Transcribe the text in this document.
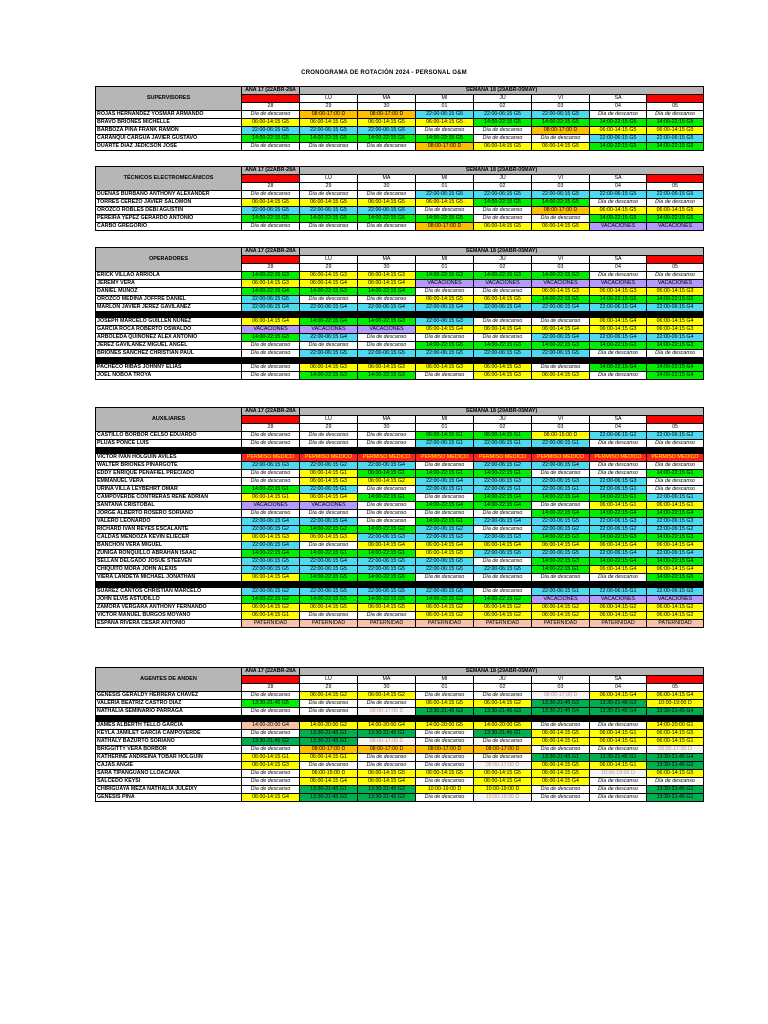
CRONOGRAMA DE ROTACIÓN 2024 - PERSONAL O&M
SUPERVISORES	ANA 17 (22ABR-28A	SEMANA 18 (29ABR-05MAY)						
	DO	LU	MA	MI	JU	VI	SA	DO
	28	29	30	01	02	03	04	05
ROJAS HERNANDEZ YOSMAR ARMANDO	Día de descanso	08:00-17:00 D	08:00-17:00 D	22:00-06:15 G5	22:00-06:15 G5	22:00-06:15 G5	Día de descanso	Día de descanso
BRAVO BRIONES MICHELLE	06:00-14:15 G5	06:00-14:15 G5	06:00-14:15 G5	06:00-14:15 G5	14:00-22:15 G5	14:00-22:15 G5	14:00-22:15 G5	14:00-22:15 G5
BARBOZA PIÑA FRANK RAMON	22:00-06:15 G5	22:00-06:15 G5	22:00-06:15 G5	Día de descanso	Día de descanso	08:00-17:00 D	06:00-14:15 G5	06:00-14:15 G5
CARANQUI CARGUA JAVIER GUSTAVO	14:00-22:15 G5	14:00-22:15 G5	14:00-22:15 G5	14:00-22:15 G5	Día de descanso	Día de descanso	22:00-06:15 G5	22:00-06:15 G5
DUARTE DIAZ JEDICSON JOSE	Día de descanso	Día de descanso	Día de descanso	08:00-17:00 D	06:00-14:15 G5	06:00-14:15 G5	14:00-22:15 G5	14:00-22:15 G5
TÉCNICOS ELECTROMECÁNICOS	ANA 17 (22ABR-28A	SEMANA 18 (29ABR-05MAY)						
	DO	LU	MA	MI	JU	VI	SA	DO
	28	29	30	01	02	03	04	05
DUEÑAS BURBANO ANTHONY ALEXANDER	Día de descanso	Día de descanso	Día de descanso	22:00-06:15 G5	22:00-06:15 G5	22:00-06:15 G5	22:00-06:15 G5	22:00-06:15 G5
TORRES CEREZO JAVIER SALOMON	06:00-14:15 G5	06:00-14:15 G5	06:00-14:15 G5	06:00-14:15 G5	14:00-22:15 G5	14:00-22:15 G5	Día de descanso	Día de descanso
OROZCO ROBLES DEBI AGUSTIN	22:00-06:15 G5	22:00-06:15 G5	22:00-06:15 G5	Día de descanso	Día de descanso	08:00-17:00 D	06:00-14:15 G5	06:00-14:15 G5
PEREIRA YEPEZ GERARDO ANTONIO	14:00-22:15 G5	14:00-22:15 G5	14:00-22:15 G5	14:00-22:15 G5	Día de descanso	Día de descanso	14:00-22:15 G5	14:00-22:15 G5
CARBO GREGORIO	Día de descanso	Día de descanso	Día de descanso	08:00-17:00 D	06:00-14:15 G5	06:00-14:15 G5	VACACIONES	VACACIONES
OPERADORES	ANA 17 (22ABR-28A	SEMANA 18 (29ABR-05MAY)						
	DO	LU	MA	MI	JU	VI	SA	DO
	28	29	30	01	02	03	04	05
ERICK VILLAO ARRIOLA	14:00-22:15 G3	06:00-14:15 G3	06:00-14:15 G3	14:00-22:15 G3	14:00-22:15 G3	14:00-22:15 G3	Día de descanso	Día de descanso
JEREMY VERA	06:00-14:15 G3	06:00-14:15 G4	06:00-14:15 G4	VACACIONES	VACACIONES	VACACIONES	VACACIONES	VACACIONES
DANIEL MUÑOZ	14:00-22:15 G4	14:00-22:15 G3	14:00-22:15 G4	Día de descanso	Día de descanso	06:00-14:15 G3	06:00-14:15 G3	06:00-14:15 G3
OROZCO MEDINA JOFFRE DANIEL	22:00-06:15 G5	Día de descanso	Día de descanso	06:00-14:15 G5	06:00-14:15 G5	14:00-22:15 G5	14:00-22:15 G5	14:00-22:15 G5
MARLON JAVIER JEREZ GAVILANEZ	22:00-06:15 G4	22:00-06:15 G4	22:00-06:15 G4	22:00-06:15 G4	22:00-06:15 G4	22:00-06:15 G4	22:00-06:15 G4	22:00-06:15 G4

JOSEPH MARCELO GUILLEN NUÑEZ	06:00-14:15 G4	14:00-22:15 G4	14:00-22:15 G3	22:00-06:15 G3	Día de descanso	Día de descanso	06:00-14:15 G4	06:00-14:15 G4
GARCIA ROCA ROBERTO OSWALDO	VACACIONES	VACACIONES	VACACIONES	06:00-14:15 G4	06:00-14:15 G4	06:00-14:15 G4	06:00-14:15 G3	06:00-14:15 G3
ARBOLEDA QUIÑONEZ ALEX ANTONIO	14:00-22:15 G3	22:00-06:15 G4	Día de descanso	Día de descanso	Día de descanso	22:00-06:15 G4	22:00-06:15 G4	22:00-06:15 G4
JEREZ GAVILANEZ MIGUEL ANGEL	Día de descanso	Día de descanso	Día de descanso	14:00-22:15 G5	14:00-22:15 G3	14:00-22:15 G3	14:00-22:15 G3	14:00-22:15 G3
BRIONES SANCHEZ CHRISTIAN PAUL	Día de descanso	22:00-06:15 G5	22:00-06:15 G5	22:00-06:15 G5	22:00-06:15 G5	22:00-06:15 G5	Día de descanso	Día de descanso

PACHECO RIBAS JOHNNY ELIAS	Día de descanso	06:00-14:15 G3	06:00-14:15 G3	06:00-14:15 G3	06:00-14:15 G3	Día de descanso	14:00-22:15 G4	14:00-22:15 G4
JOEL NOBOA TROYA	Día de descanso	14:00-22:15 G3	14:00-22:15 G3	Día de descanso	06:00-14:15 G3	06:00-14:15 G3	Día de descanso	14:00-22:15 G4
AUXILIARES	ANA 17 (22ABR-28A	SEMANA 18 (29ABR-05MAY)						
	DO	LU	MA	MI	JU	VI	SA	DO
	28	29	30	01	02	03	04	05
CASTILLO BORBOR CELSO EDUARDO	Día de descanso	Día de descanso	Día de descanso	06:00-14:15 G1	06:00-14:15 G1	06:00-15:00 D	22:00-06:15 G2	22:00-06:15 G2
PLUAS PONCE LUIS	Día de descanso	Día de descanso	Día de descanso	22:00-06:15 G1	22:00-06:15 G1	22:00-06:15 G1	Día de descanso	Día de descanso

VICTOR IVAN HOLGUIN AVILES	PERMISO MEDICO	PERMISO MEDICO	PERMISO MEDICO	PERMISO MEDICO	PERMISO MEDICO	PERMISO MEDICO	PERMISO MEDICO	PERMISO MEDICO
WALTER BRIONES PINARGOTE	22:00-06:15 G3	22:00-06:15 G2	22:00-06:15 G4	Día de descanso	22:00-06:15 G2	22:00-06:15 G4	Día de descanso	Día de descanso
EDDY ENRIQUE PEÑAFIEL PRECIADO	Día de descanso	06:00-14:15 G1	06:00-14:15 G1	14:00-22:15 G1	14:00-22:15 G1	Día de descanso	Día de descanso	14:00-22:15 G1
EMMANUEL VERA	Día de descanso	06:00-14:15 G3	06:00-14:15 G2	22:00-06:15 G4	22:00-06:15 G3	22:00-06:15 G3	22:00-06:15 G3	Día de descanso
URIÑA VILLA LEYBEHRT OMAR	14:00-22:15 G1	22:00-06:15 G1	Día de descanso	22:00-06:15 G1	22:00-06:15 G1	22:00-06:15 G1	22:00-06:15 G1	Día de descanso
CAMPOVERDE CONTRERAS RENE ADRIAN	06:00-14:15 G1	06:00-14:15 G4	14:00-22:15 G1	Día de descanso	14:00-22:15 G4	14:00-22:15 G4	14:00-22:15 G1	22:00-06:15 G1
SANTANA CRISTOBAL	VACACIONES	VACACIONES	Día de descanso	14:00-22:15 G4	14:00-22:15 G4	Día de descanso	06:00-14:15 G1	06:00-14:15 G1
JORGE ALBERTO ROSERO SORIANO	Día de descanso	Día de descanso	Día de descanso	Día de descanso	Día de descanso	14:00-22:15 G4	14:00-22:15 G4	14:00-22:15 G4
VALERO LEONARDO	22:00-06:15 G4	22:00-06:15 G4	Día de descanso	14:00-22:15 G1	22:00-06:15 G4	22:00-06:15 G5	22:00-06:15 G3	22:00-06:15 G3
RICHARD IVAN REYES ESCALANTE	22:00-06:15 G2	14:00-22:15 G2	14:00-22:15 G2	22:00-06:15 G2	Día de descanso	22:00-06:15 G2	22:00-06:15 G2	22:00-06:15 G2
CALDAS MENDOZA KEVIN ELIECER	06:00-14:15 G3	06:00-14:15 G3	22:00-06:15 G3	22:00-06:15 G3	22:00-06:15 G3	14:00-22:15 G3	14:00-22:15 G3	14:00-22:15 G3
BANCHÓN VERA MIGUEL	22:00-06:15 G4	Día de descanso	06:00-14:15 G4	06:00-14:15 G4	06:00-14:15 G4	06:00-14:15 G4	06:00-14:15 G4	06:00-14:15 G4
ZUÑIGA RONQUILLO ABRAHAN ISAAC	14:00-22:15 G4	14:00-22:15 G1	14:00-22:15 G1	06:00-14:15 G5	22:00-06:15 G5	22:00-06:15 G5	22:00-06:15 G4	22:00-06:15 G4
SELLAN DELGADO JOSUE STEEVEN	22:00-06:15 G5	22:00-06:15 G4	22:00-06:15 G5	22:00-06:15 G5	Día de descanso	14:00-22:15 G3	14:00-22:15 G4	14:00-22:15 G4
CHIQUITO MORA JOHN ALEXIS	22:00-06:15 G5	22:00-06:15 G5	22:00-06:15 G5	22:00-06:15 G5	22:00-06:15 G5	14:00-22:15 G1	06:00-14:15 G4	06:00-14:15 G4
VIERA LANDETA MICHAEL JONATHAN	06:00-14:15 G4	14:00-22:15 G5	14:00-22:15 G5	Día de descanso	Día de descanso	Día de descanso	Día de descanso	14:00-22:15 G5

SUAREZ CANTOS CHRISTIAN MARCELO	22:00-06:15 G2	22:00-06:15 G5	22:00-06:15 G5	22:00-06:15 G5	Día de descanso	22:00-06:15 G1	22:00-06:15 G1	22:00-06:15 G5
JOHN ELVIS ASTUDILLO	14:00-22:15 G2	14:00-22:15 G5	14:00-22:15 G5	14:00-22:15 G2	14:00-22:15 G2	VACACIONES	VACACIONES	VACACIONES
ZAMORA VERGARA ANTHONY FERNANDO	06:00-14:15 G2	06:00-14:15 G5	06:00-14:15 G5	06:00-14:15 G2	06:00-14:15 G2	06:00-14:15 G2	06:00-14:15 G2	06:00-14:15 G2
VICTOR MANUEL BURGOS MOYANO	06:00-14:15 G1	Día de descanso	Día de descanso	06:00-14:15 G2	06:00-14:15 G2	06:00-14:15 G2	06:00-14:15 G2	06:00-14:15 G2
ESPAÑA RIVERA CESAR ANTONIO	PATERNIDAD	PATERNIDAD	PATERNIDAD	PATERNIDAD	PATERNIDAD	PATERNIDAD	PATERNIDAD	PATERNIDAD
AGENTES DE ANDEN	ANA 17 (22ABR-28A	SEMANA 18 (29ABR-05MAY)						
	DO	LU	MA	MI	JU	VI	SA	DO
	28	29	30	01	02	03	04	05
GENESIS GERALDY HERRERA CHAVEZ	Día de descanso	06:00-14:15 G2	06:00-14:15 G2	Día de descanso	Día de descanso	08:00-17:00 D	06:00-14:15 G4	06:00-14:15 G4
VALERIA BEATRIZ CASTRO DIAZ	13:30-21:45 G5	Día de descanso	Día de descanso	06:00-14:15 G5	06:00-14:15 G2	13:30-21:45 G3	13:30-21:45 G3	10:00-19:00 D
NATHALIA SEMINARIO PARRAGA	Día de descanso	Día de descanso	08:00-17:00 D	13:30-21:45 G3	13:30-21:45 G3	13:30-21:45 G4	13:30-21:45 G4	13:30-21:45 G4

JAMES ALBERTH TELLO GARCIA	14:00-20:00 G4	14:00-20:00 G2	14:00-20:00 G4	14:00-20:00 G5	14:00-20:00 G5	Día de descanso	Día de descanso	14:00-20:00 G1
KEYLA JAMILET GARCIA CAMPOVERDE	Día de descanso	13:30-21:45 G1	13:30-21:45 G1	Día de descanso	13:30-21:45 G1	06:00-14:15 G5	06:00-14:15 G1	06:00-14:15 G5
NATHALY BAZURTO SORIANO	13:30-21:45 G2	13:30-21:45 G1	08:00-17:00 D	Día de descanso	Día de descanso	06:00-14:15 G1	06:00-14:15 G1	06:00-14:15 G1
BRIGGITTY VERA BORBOR	Día de descanso	08:00-17:00 D	08:00-17:00 D	08:00-17:00 D	08:00-17:00 D	Día de descanso	Día de descanso	08:00-17:00 D
KATHERINE ANDREINA TOBAR HOLGUÍN	06:00-14:15 G1	06:00-14:15 G1	Día de descanso	Día de descanso	Día de descanso	13:30-21:45 G1	13:30-21:45 G1	13:30-21:45 G4
CAJAS ANGIE	06:00-14:15 G3	Día de descanso	Día de descanso	Día de descanso	08:00-17:00 D	06:00-14:15 G5	06:00-14:15 G1	13:30-21:45 G2
SARA TIPANGUANO LLOACANA	Día de descanso	06:00-15:00 D	06:00-14:15 G5	06:00-14:15 G5	06:00-14:15 G5	06:00-14:15 G5	10:00-19:00 D	06:00-14:15 G5
SALCEDO KEYSI	Día de descanso	06:00-14:15 G4	06:00-14:15 G4	Día de descanso	06:00-14:15 G4	06:00-14:15 G4	Día de descanso	Día de descanso
CHIRIGUAYA MEZA NATHALIA JULEIXY	Día de descanso	13:30-21:45 G1	13:30-21:45 G2	10:00-19:00 D	10:00-19:00 D	Día de descanso	Día de descanso	13:30-21:45 G1
GENESIS PIÑA	06:00-14:15 G4	13:30-21:45 G3	13:30-21:45 G3	Día de descanso	10:00-19:00 D	Día de descanso	Día de descanso	13:30-21:45 G1
